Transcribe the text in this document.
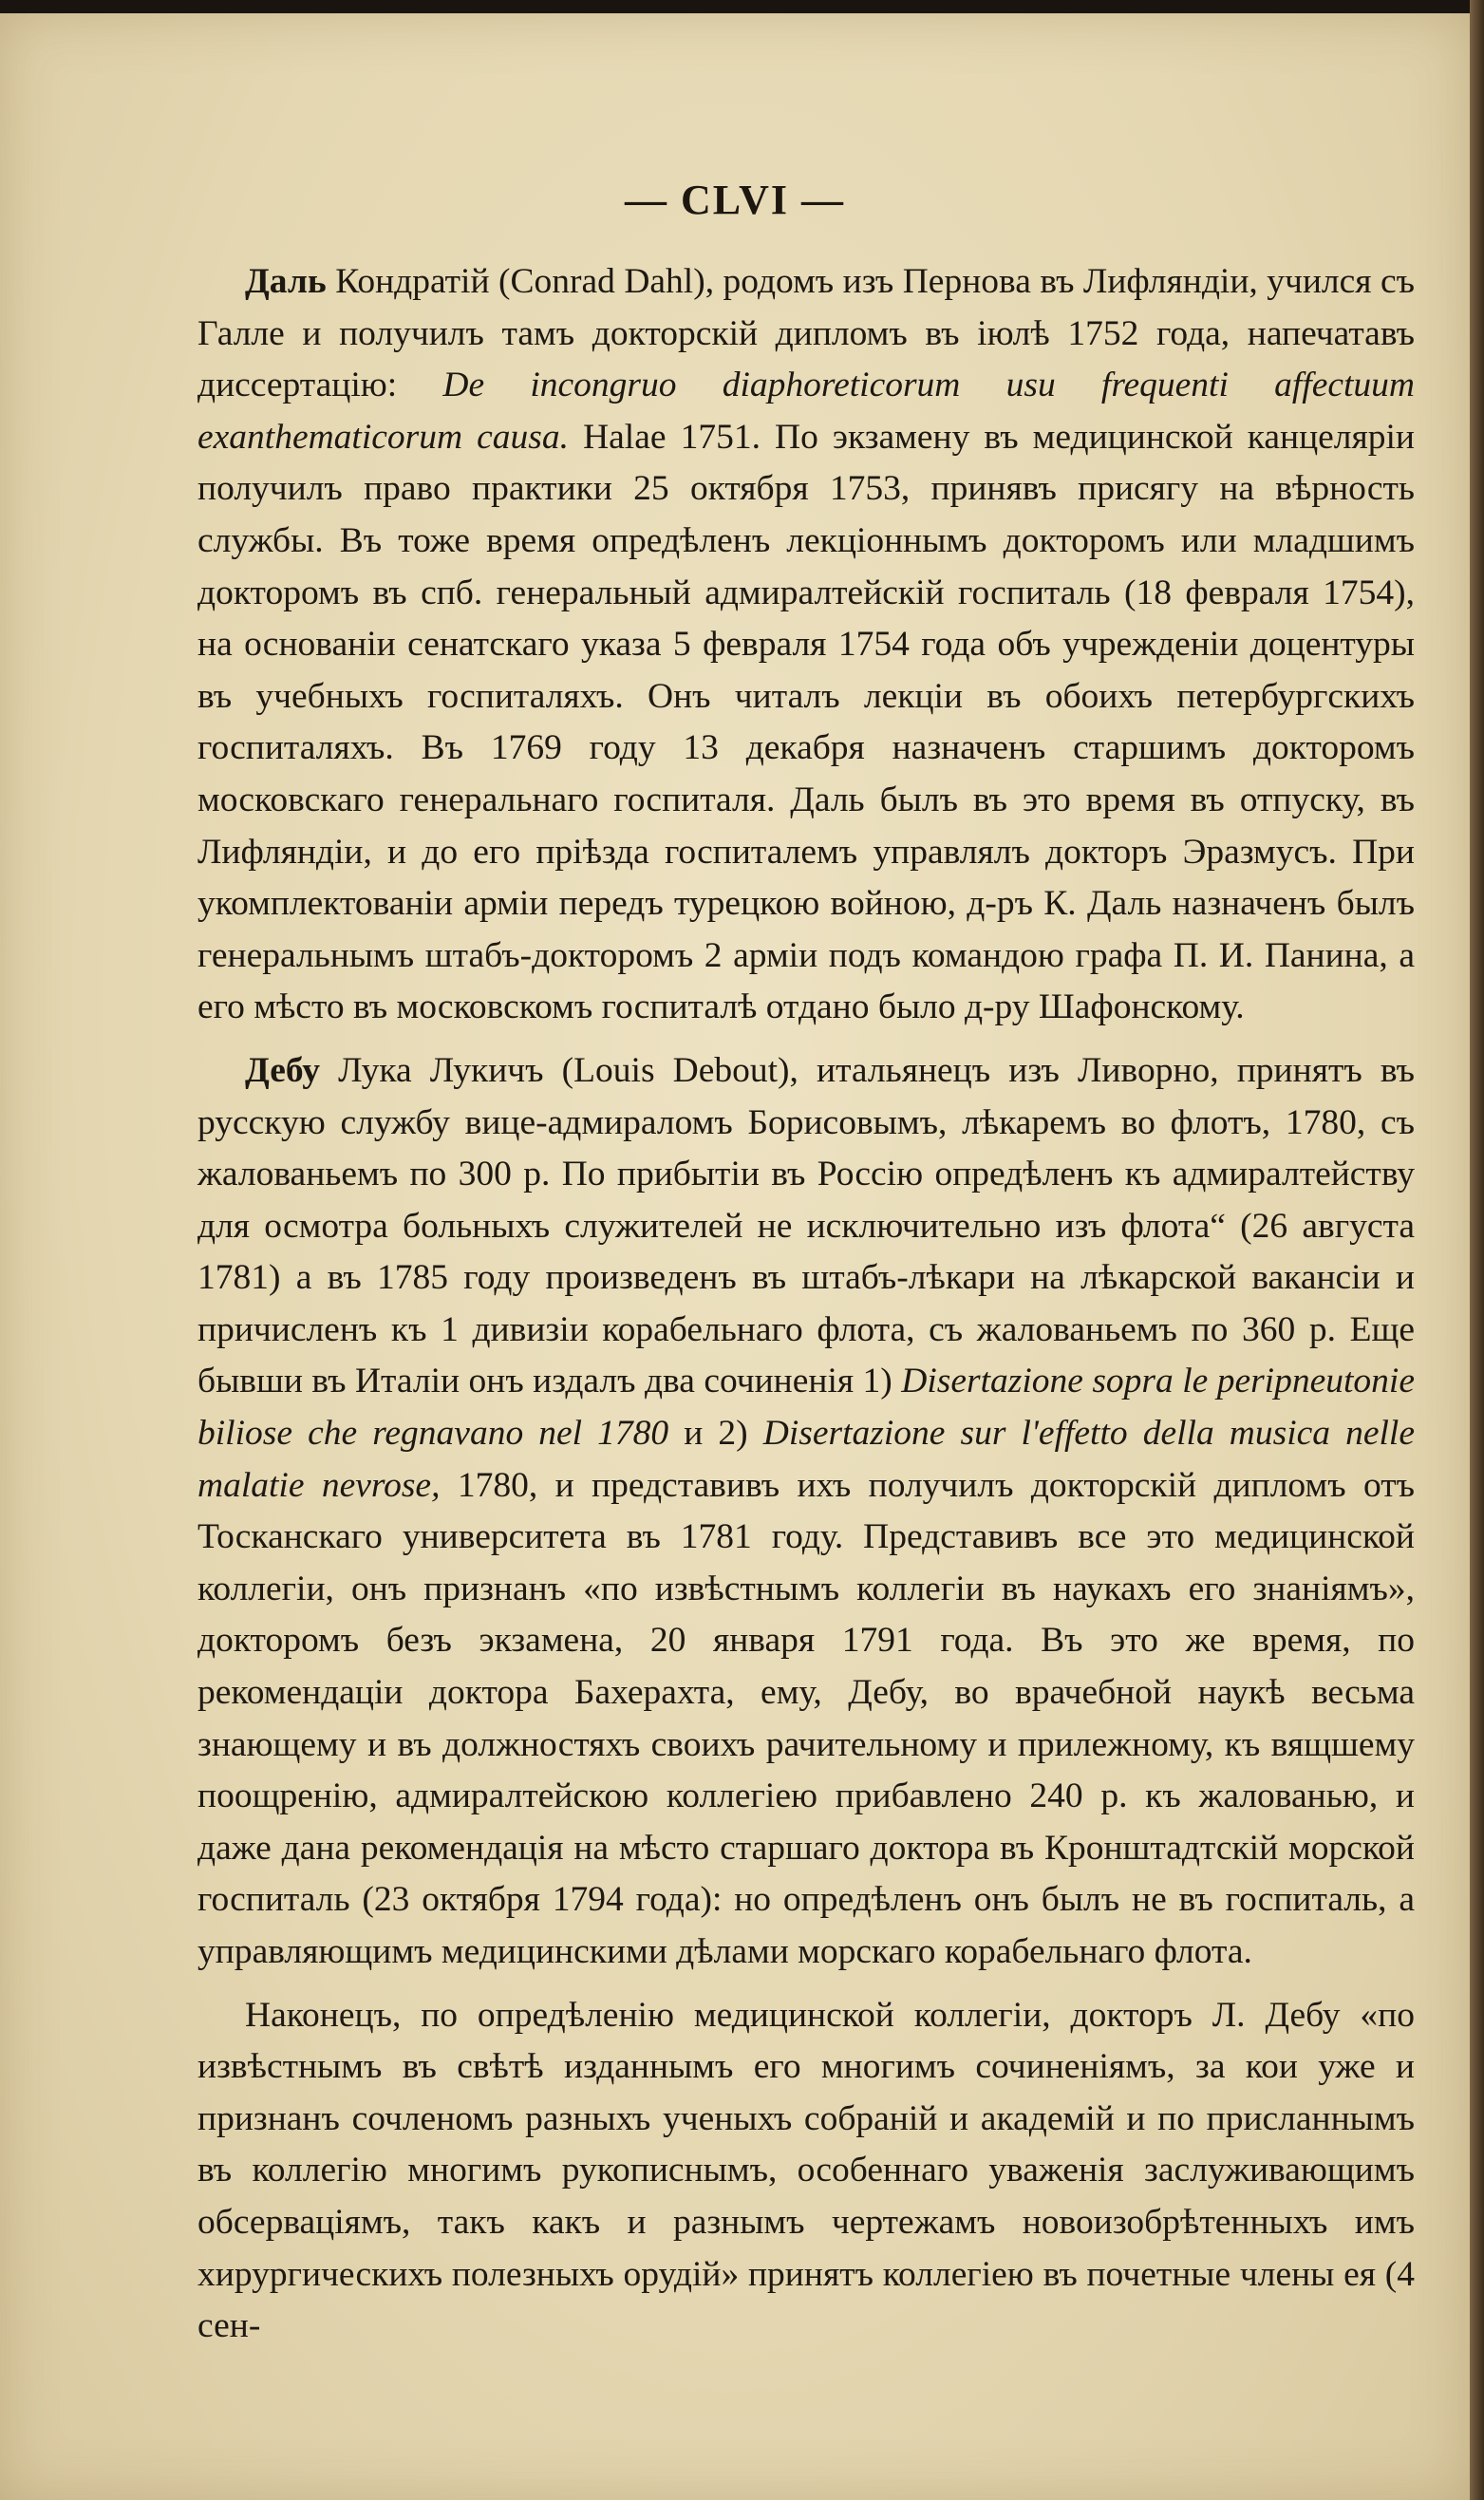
— CLVI —

Даль Кондратій (Conrad Dahl), родомъ изъ Пернова въ Лифляндіи, учился съ Галле и получилъ тамъ докторскій дипломъ въ іюлѣ 1752 года, напечатавъ диссертацію: De incongruo diaphoreticorum usu frequenti affectuum exanthematicorum causa. Halae 1751. По экзамену въ медицинской канцеляріи получилъ право практики 25 октября 1753, принявъ присягу на вѣрность службы. Въ тоже время опредѣленъ лекціоннымъ докторомъ или младшимъ докторомъ въ спб. генеральный адмиралтейскій госпиталь (18 февраля 1754), на основаніи сенатскаго указа 5 февраля 1754 года объ учрежденіи доцентуры въ учебныхъ госпиталяхъ. Онъ читалъ лекціи въ обоихъ петербургскихъ госпиталяхъ. Въ 1769 году 13 декабря назначенъ старшимъ докторомъ московскаго генеральнаго госпиталя. Даль былъ въ это время въ отпуску, въ Лифляндіи, и до его пріѣзда госпиталемъ управлялъ докторъ Эразмусъ. При укомплектованіи арміи передъ турецкою войною, д-ръ К. Даль назначенъ былъ генеральнымъ штабъ-докторомъ 2 арміи подъ командою графа П. И. Панина, а его мѣсто въ московскомъ госпиталѣ отдано было д-ру Шафонскому.

Дебу Лука Лукичъ (Louis Debout), итальянецъ изъ Ливорно, принятъ въ русскую службу вице-адмираломъ Борисовымъ, лѣкаремъ во флотъ, 1780, съ жалованьемъ по 300 р. По прибытіи въ Россію опредѣленъ къ адмиралтейству для осмотра больныхъ служителей не исключительно изъ флота“ (26 августа 1781) а въ 1785 году произведенъ въ штабъ-лѣкари на лѣкарской вакансіи и причисленъ къ 1 дивизіи корабельнаго флота, съ жалованьемъ по 360 р. Еще бывши въ Италіи онъ издалъ два сочиненія 1) Disertazione sopra le peripneutonie biliose che regnavano nel 1780 и 2) Disertazione sur l'effetto della musica nelle malatie nevrose, 1780, и представивъ ихъ получилъ докторскій дипломъ отъ Тосканскаго университета въ 1781 году. Представивъ все это медицинской коллегіи, онъ признанъ «по извѣстнымъ коллегіи въ наукахъ его знаніямъ», докторомъ безъ экзамена, 20 января 1791 года. Въ это же время, по рекомендаціи доктора Бахерахта, ему, Дебу, во врачебной наукѣ весьма знающему и въ должностяхъ своихъ рачительному и прилежному, къ вящшему поощренію, адмиралтейскою коллегіею прибавлено 240 р. къ жалованью, и даже дана рекомендація на мѣсто старшаго доктора въ Кронштадтскій морской госпиталь (23 октября 1794 года): но опредѣленъ онъ былъ не въ госпиталь, а управляющимъ медицинскими дѣлами морскаго корабельнаго флота.

Наконецъ, по опредѣленію медицинской коллегіи, докторъ Л. Дебу «по извѣстнымъ въ свѣтѣ изданнымъ его многимъ сочиненіямъ, за кои уже и признанъ сочленомъ разныхъ ученыхъ собраній и академій и по присланнымъ въ коллегію многимъ рукописнымъ, особеннаго уваженія заслуживающимъ обсерваціямъ, такъ какъ и разнымъ чертежамъ новоизобрѣтенныхъ имъ хирургическихъ полезныхъ орудій» принятъ коллегіею въ почетные члены ея (4 сен-
